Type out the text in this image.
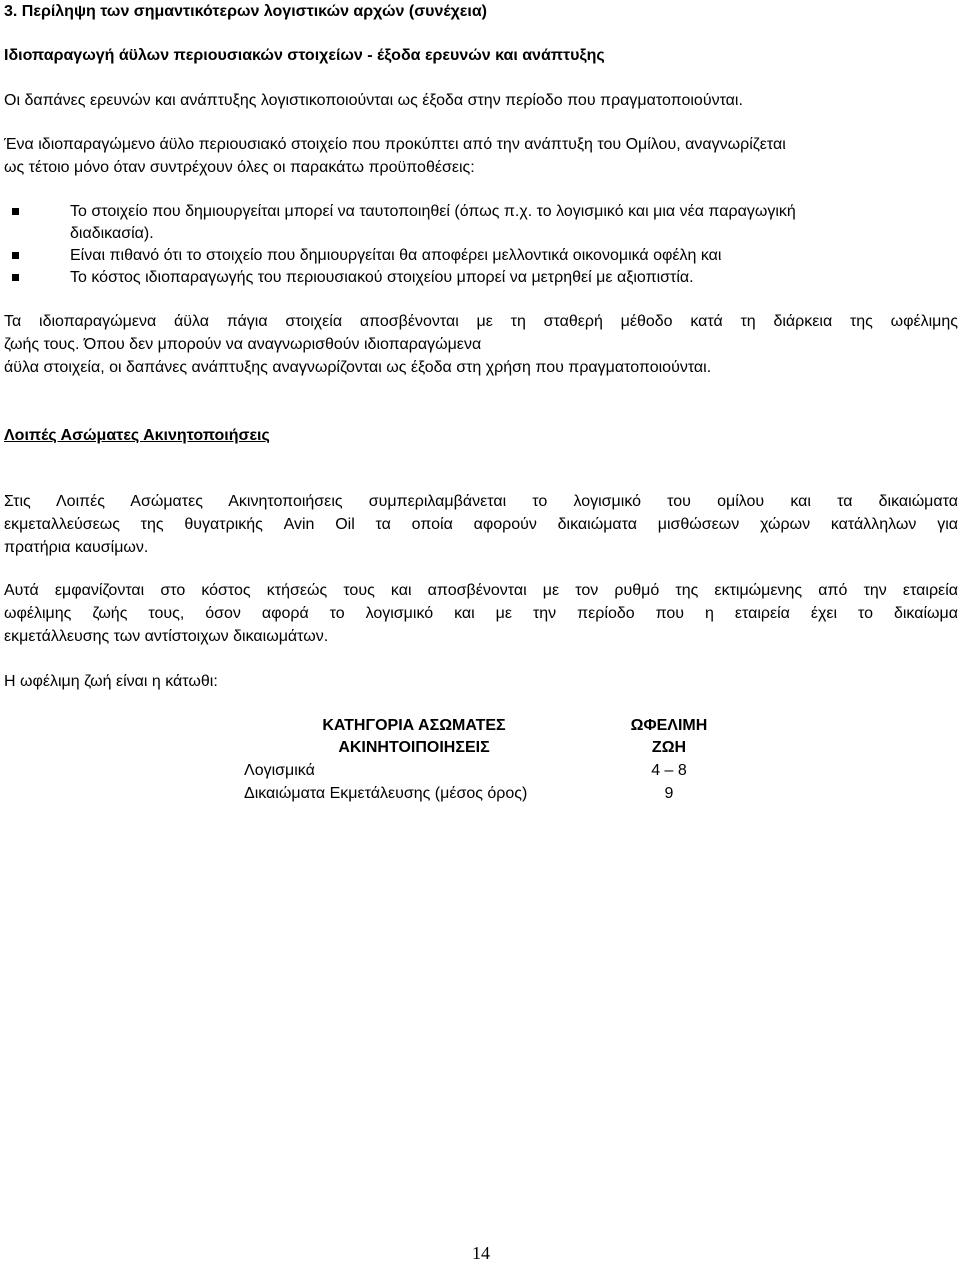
3. Περίληψη των σημαντικότερων λογιστικών αρχών (συνέχεια)
Ιδιοπαραγωγή άϋλων περιουσιακών στοιχείων - έξοδα ερευνών και ανάπτυξης
Οι δαπάνες ερευνών και ανάπτυξης λογιστικοποιούνται ως έξοδα στην περίοδο που πραγματοποιούνται.
Ένα ιδιοπαραγώμενο άϋλο περιουσιακό στοιχείο που προκύπτει από την ανάπτυξη του Ομίλου, αναγνωρίζεται
ως τέτοιο μόνο όταν συντρέχουν όλες οι παρακάτω προϋποθέσεις:
Το στοιχείο που δημιουργείται μπορεί να ταυτοποιηθεί (όπως π.χ. το λογισμικό και μια νέα παραγωγική
διαδικασία).
Είναι πιθανό ότι το στοιχείο που δημιουργείται θα αποφέρει μελλοντικά οικονομικά οφέλη και
Το κόστος ιδιοπαραγωγής του περιουσιακού στοιχείου μπορεί να μετρηθεί με αξιοπιστία.
Τα ιδιοπαραγώμενα άϋλα πάγια στοιχεία αποσβένονται με τη σταθερή μέθοδο κατά τη διάρκεια της ωφέλιμης
ζωής τους. Όπου δεν μπορούν να αναγνωρισθούν ιδιοπαραγώμενα
άϋλα στοιχεία, οι δαπάνες ανάπτυξης αναγνωρίζονται ως έξοδα στη χρήση που πραγματοποιούνται.
Λοιπές Ασώματες Ακινητοποιήσεις
Στις Λοιπές Ασώματες Ακινητοποιήσεις συμπεριλαμβάνεται το λογισμικό του ομίλου και τα δικαιώματα
εκμεταλλεύσεως της θυγατρικής Avin Oil τα οποία αφορούν δικαιώματα μισθώσεων χώρων κατάλληλων για
πρατήρια καυσίμων.
Αυτά εμφανίζονται στο κόστος κτήσεώς τους και αποσβένονται με τον ρυθμό της εκτιμώμενης από την εταιρεία
ωφέλιμης ζωής τους, όσον αφορά το λογισμικό και με την περίοδο που η εταιρεία έχει το δικαίωμα
εκμετάλλευσης των αντίστοιχων δικαιωμάτων.
Η ωφέλιμη ζωή είναι η κάτωθι:
ΚΑΤΗΓΟΡΙΑ ΑΣΩΜΑΤΕΣ
ΑΚΙΝΗΤΟΙΠΟΙΗΣΕΙΣ
ΩΦΕΛΙΜΗ
ΖΩΗ
Λογισμικά	4 – 8
Δικαιώματα Εκμετάλευσης (μέσος όρος)	9
14
